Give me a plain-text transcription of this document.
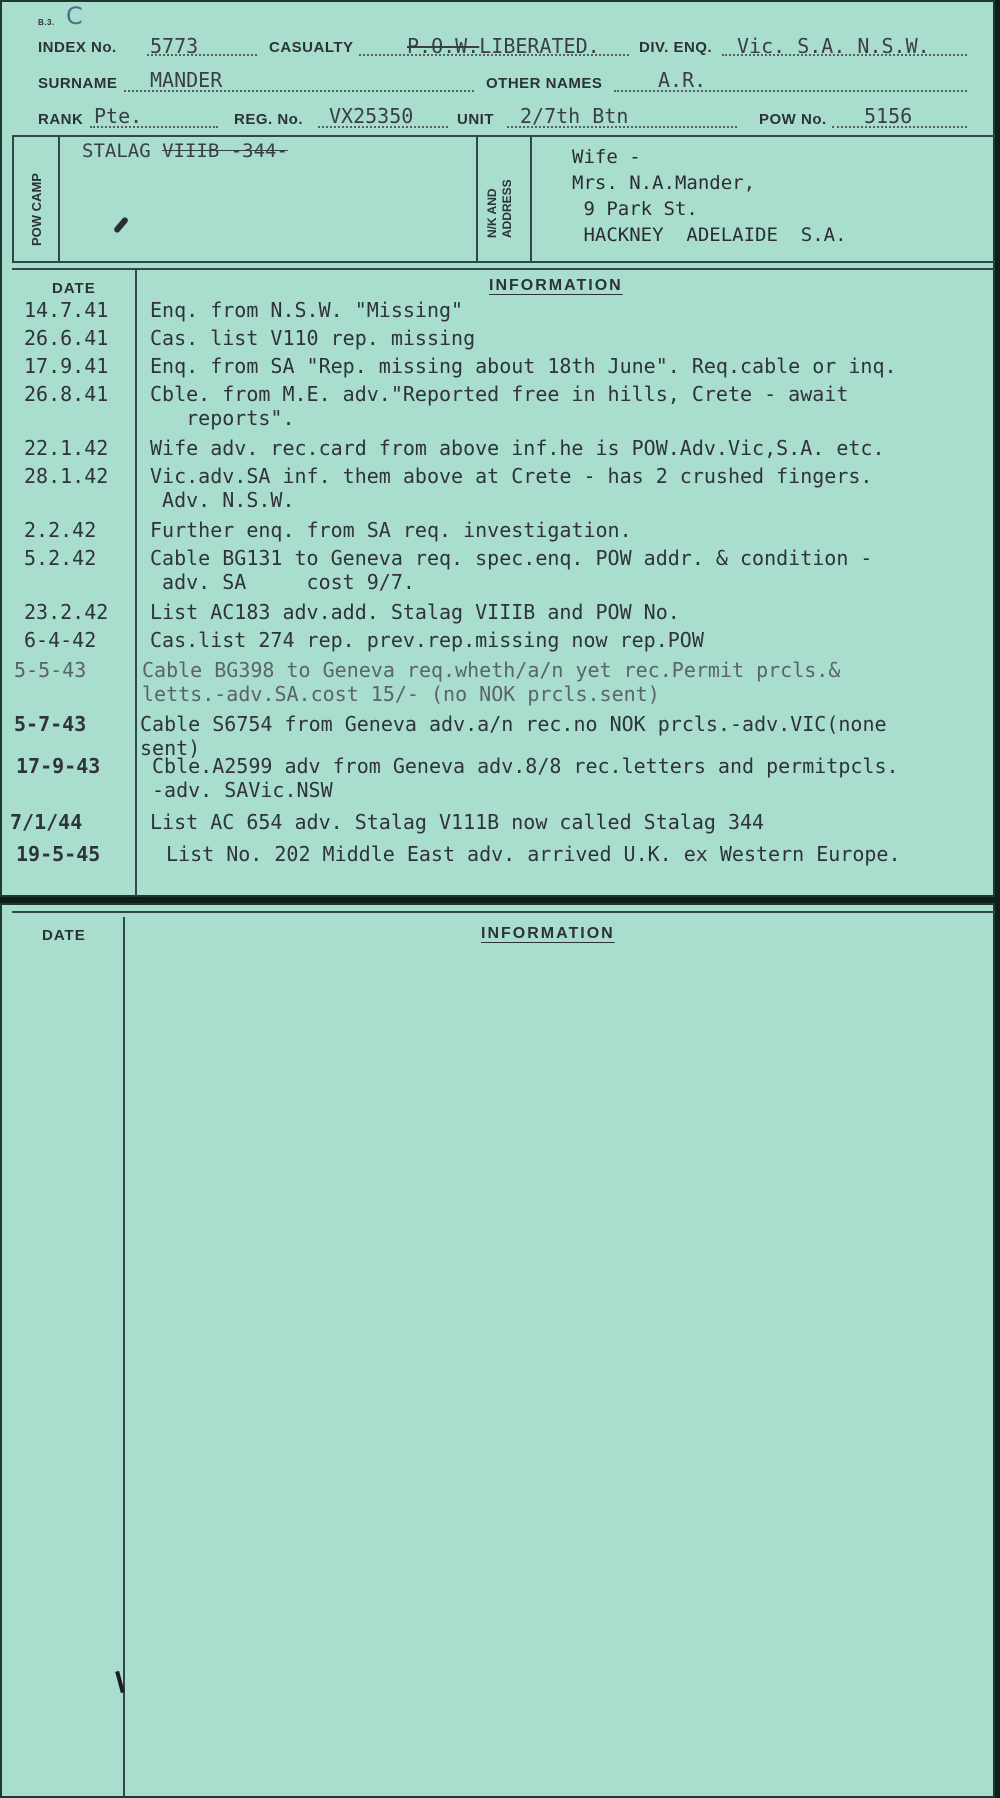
B.3. C
INDEX No. 5773	CASUALTY	P.O.W.LIBERATED.	DIV. ENQ. Vic. S.A. N.S.W.
SURNAME MANDER	OTHER NAMES	A.R.
RANK Pte.	REG. No. VX25350	UNIT 2/7th Btn	POW No. 5156
POW CAMP
STALAG VIIIB -344-
N/K AND ADDRESS
Wife -
Mrs. N.A.Mander,
9 Park St.
HACKNEY  ADELAIDE  S.A.
DATE	INFORMATION
14.7.41 Enq. from N.S.W. "Missing"
26.6.41 Cas. list V110 rep. missing
17.9.41 Enq. from SA "Rep. missing about 18th June". Req.cable or inq.
26.8.41 Cble. from M.E. adv."Reported free in hills, Crete - await
reports".
22.1.42 Wife adv. rec.card from above inf.he is POW.Adv.Vic,S.A. etc.
28.1.42 Vic.adv.SA inf. them above at Crete - has 2 crushed fingers.
Adv. N.S.W.
2.2.42	Further enq. from SA req. investigation.
5.2.42	Cable BG131 to Geneva req. spec.enq. POW addr. & condition -
adv. SA     cost 9/7.
23.2.42 List AC183 adv.add. Stalag VIIIB and POW No.
6-4-42	Cas.list 274 rep. prev.rep.missing now rep.POW
5-5-43	Cable BG398 to Geneva req.wheth/a/n yet rec.Permit prcls.&
letts.-adv.SA.cost 15/- (no NOK prcls.sent)
5-7-43	Cable S6754 from Geneva adv.a/n rec.no NOK prcls.-adv.VIC(none
sent)
17-9-43	Cble.A2599 adv from Geneva adv.8/8 rec.letters and permitpcls.
-adv. SAVic.NSW
7/1/44	List AC 654 adv. Stalag V111B now called Stalag 344
19-5-45	List No. 202 Middle East adv. arrived U.K. ex Western Europe.
DATE	INFORMATION
